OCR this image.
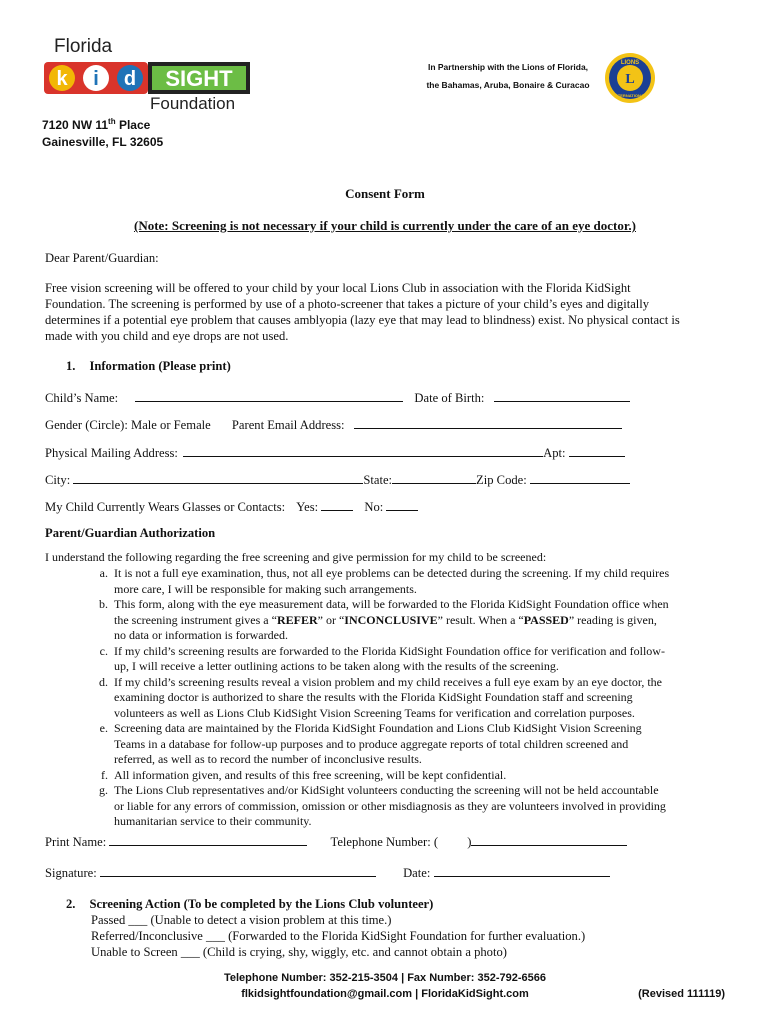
Florida
k i d SIGHT
Foundation
In Partnership with the Lions of Florida,
the Bahamas, Aruba, Bonaire & Curacao
LIONS
L
INTERNATIONAL
7120 NW 11th Place
Gainesville, FL 32605
Consent Form
(Note: Screening is not necessary if your child is currently under the care of an eye doctor.)
Dear Parent/Guardian:
Free vision screening will be offered to your child by your local Lions Club in association with the Florida KidSight Foundation. The screening is performed by use of a photo-screener that takes a picture of your child’s eyes and digitally determines if a potential eye problem that causes amblyopia (lazy eye that may lead to blindness) exist. No physical contact is made with you child and eye drops are not used.
1. Information (Please print)
Child’s Name:	Date of Birth:
Gender (Circle): Male or Female Parent Email Address:
Physical Mailing Address:	Apt:
City:	State:	Zip Code:
My Child Currently Wears Glasses or Contacts: Yes:	No:
Parent/Guardian Authorization
I understand the following regarding the free screening and give permission for my child to be screened:
a. It is not a full eye examination, thus, not all eye problems can be detected during the screening. If my child requires more care, I will be responsible for making such arrangements.
b. This form, along with the eye measurement data, will be forwarded to the Florida KidSight Foundation office when the screening instrument gives a “REFER” or “INCONCLUSIVE” result. When a “PASSED” reading is given, no data or information is forwarded.
c. If my child’s screening results are forwarded to the Florida KidSight Foundation office for verification and follow-up, I will receive a letter outlining actions to be taken along with the results of the screening.
d. If my child’s screening results reveal a vision problem and my child receives a full eye exam by an eye doctor, the examining doctor is authorized to share the results with the Florida KidSight Foundation staff and screening volunteers as well as Lions Club KidSight Vision Screening Teams for verification and correlation purposes.
e. Screening data are maintained by the Florida KidSight Foundation and Lions Club KidSight Vision Screening Teams in a database for follow-up purposes and to produce aggregate reports of total children screened and referred, as well as to record the number of inconclusive results.
f. All information given, and results of this free screening, will be kept confidential.
g. The Lions Club representatives and/or KidSight volunteers conducting the screening will not be held accountable or liable for any errors of commission, omission or other misdiagnosis as they are volunteers involved in providing humanitarian service to their community.
Print Name:	Telephone Number: ( )
Signature:	Date:
2. Screening Action (To be completed by the Lions Club volunteer)
Passed ___ (Unable to detect a vision problem at this time.)
Referred/Inconclusive ___ (Forwarded to the Florida KidSight Foundation for further evaluation.)
Unable to Screen ___ (Child is crying, shy, wiggly, etc. and cannot obtain a photo)
Telephone Number: 352-215-3504 | Fax Number: 352-792-6566
flkidsightfoundation@gmail.com | FloridaKidSight.com	(Revised 111119)
